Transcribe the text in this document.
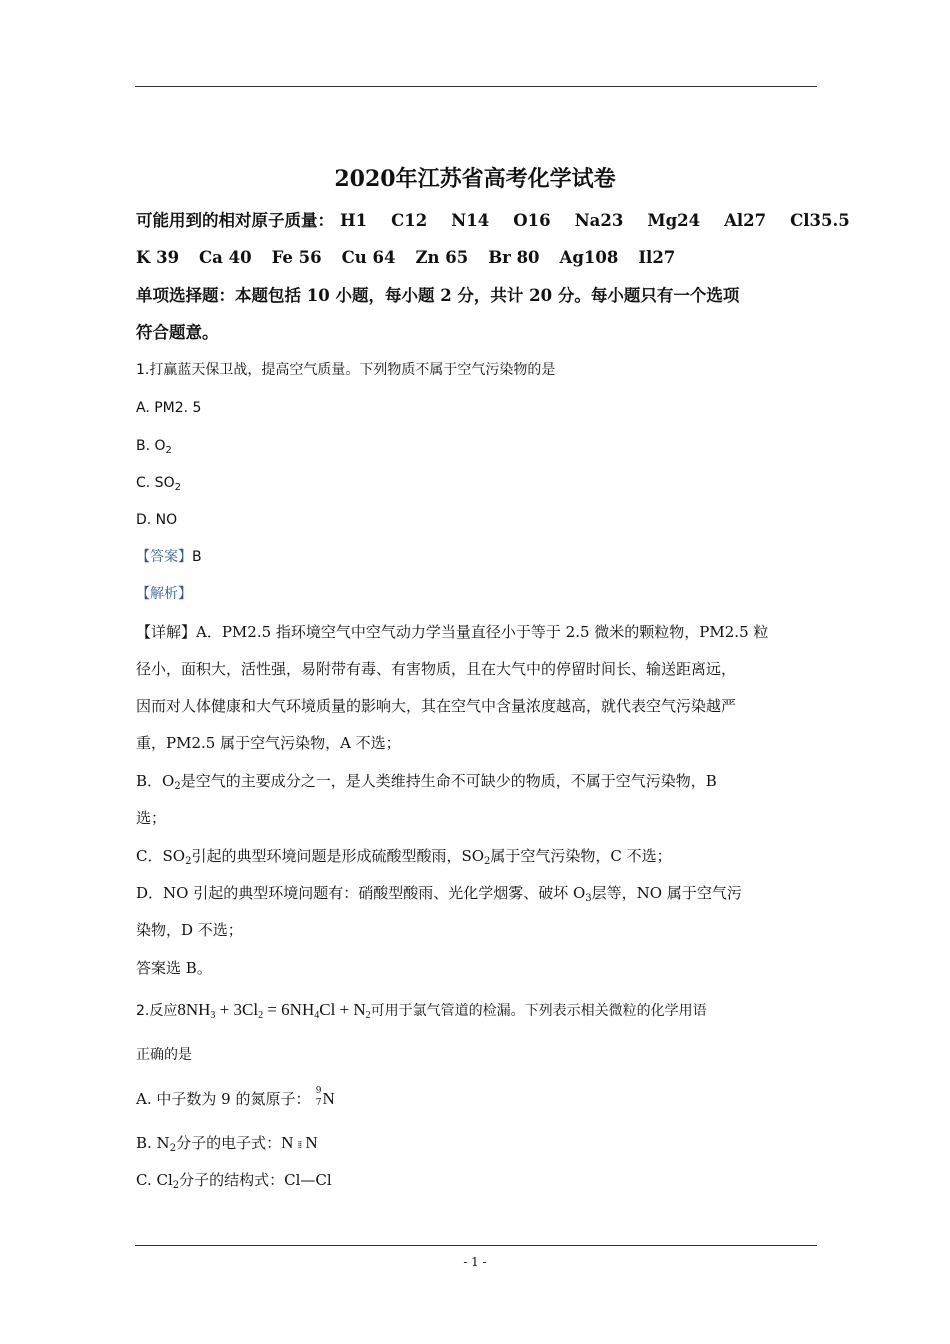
2020年江苏省高考化学试卷
可能用到的相对原子质量： H1 C12 N14 O16 Na23 Mg24 Al27 Cl35.5
K 39 Ca 40 Fe 56 Cu 64 Zn 65 Br 80 Ag108 Il27
单项选择题：本题包括 10 小题，每小题 2 分，共计 20 分。每小题只有一个选项
符合题意。
1.打赢蓝天保卫战，提高空气质量。下列物质不属于空气污染物的是
A. PM2. 5
B. $O_2$
C. $SO_2$
D. NO
【答案】B
【解析】
【详解】A．PM2.5 指环境空气中空气动力学当量直径小于等于 2.5 微米的颗粒物，PM2.5 粒
径小，面积大，活性强，易附带有毒、有害物质，且在大气中的停留时间长、输送距离远，
因而对人体健康和大气环境质量的影响大，其在空气中含量浓度越高，就代表空气污染越严
重，PM2.5 属于空气污染物，A 不选；
B．$O_2$是空气的主要成分之一，是人类维持生命不可缺少的物质，不属于空气污染物，B
选；
C．$SO_2$引起的典型环境问题是形成硫酸型酸雨，$SO_2$属于空气污染物，C 不选；
D．NO 引起的典型环境问题有：硝酸型酸雨、光化学烟雾、破坏 $O_3$层等，NO 属于空气污
染物，D 不选；
答案选 B。
2.反应$8NH_3 + 3Cl_2 = 6NH_4Cl + N_2$可用于氯气管道的检漏。下列表示相关微粒的化学用语
正确的是
A. 中子数为 9 的氮原子： 9
7 N
B. $N_2$分子的电子式：N ⁞⁞ N
C. $Cl_2$分子的结构式：Cl—Cl
- 1 -
